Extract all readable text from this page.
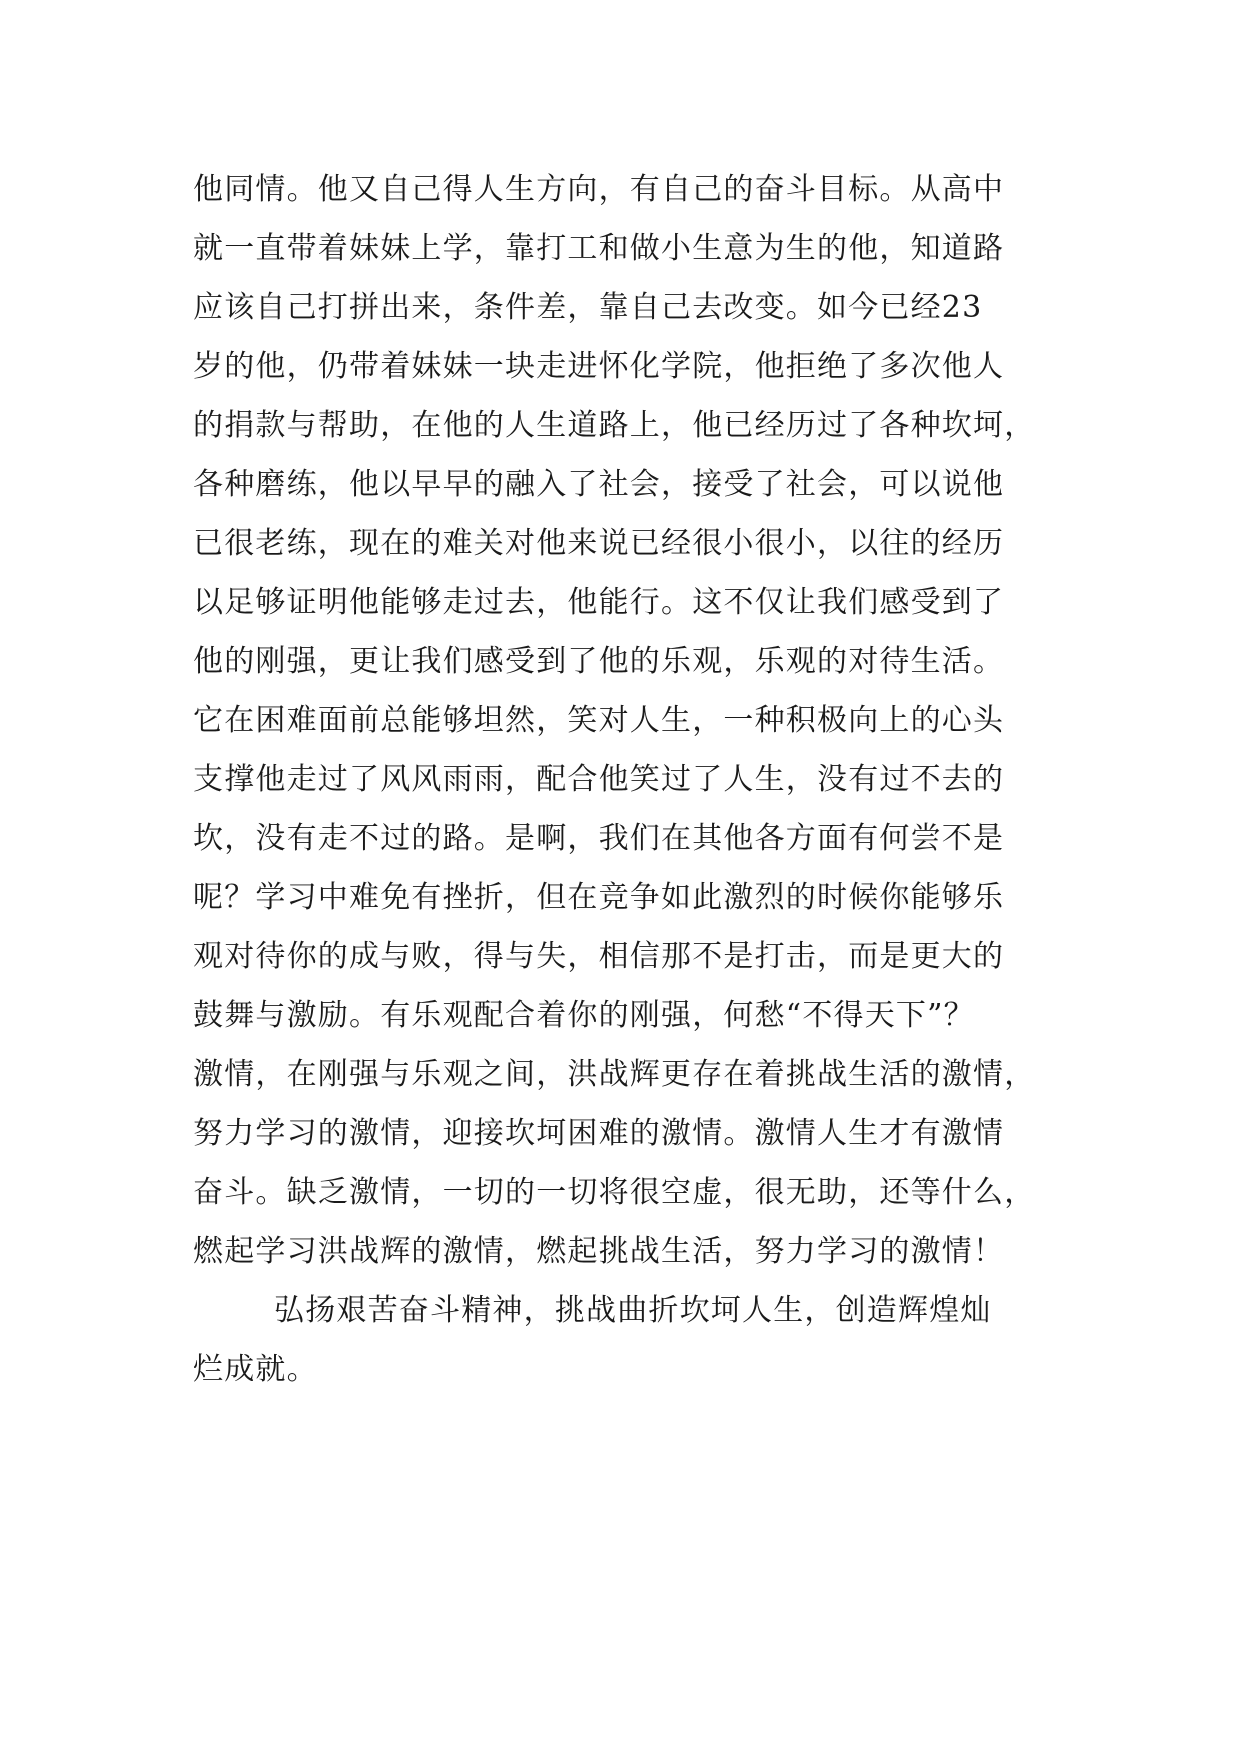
他同情。他又自己得人生方向，有自己的奋斗目标。从高中
就一直带着妹妹上学，靠打工和做小生意为生的他，知道路
应该自己打拼出来，条件差，靠自己去改变。如今已经23
岁的他，仍带着妹妹一块走进怀化学院，他拒绝了多次他人
的捐款与帮助，在他的人生道路上，他已经历过了各种坎坷，
各种磨练，他以早早的融入了社会，接受了社会，可以说他
已很老练，现在的难关对他来说已经很小很小，以往的经历
以足够证明他能够走过去，他能行。这不仅让我们感受到了
他的刚强，更让我们感受到了他的乐观，乐观的对待生活。
它在困难面前总能够坦然，笑对人生，一种积极向上的心头
支撑他走过了风风雨雨，配合他笑过了人生，没有过不去的
坎，没有走不过的路。是啊，我们在其他各方面有何尝不是
呢？学习中难免有挫折，但在竞争如此激烈的时候你能够乐
观对待你的成与败，得与失，相信那不是打击，而是更大的
鼓舞与激励。有乐观配合着你的刚强，何愁“不得天下”？
激情，在刚强与乐观之间，洪战辉更存在着挑战生活的激情，
努力学习的激情，迎接坎坷困难的激情。激情人生才有激情
奋斗。缺乏激情，一切的一切将很空虚，很无助，还等什么，
燃起学习洪战辉的激情，燃起挑战生活，努力学习的激情！
弘扬艰苦奋斗精神，挑战曲折坎坷人生，创造辉煌灿
烂成就。
